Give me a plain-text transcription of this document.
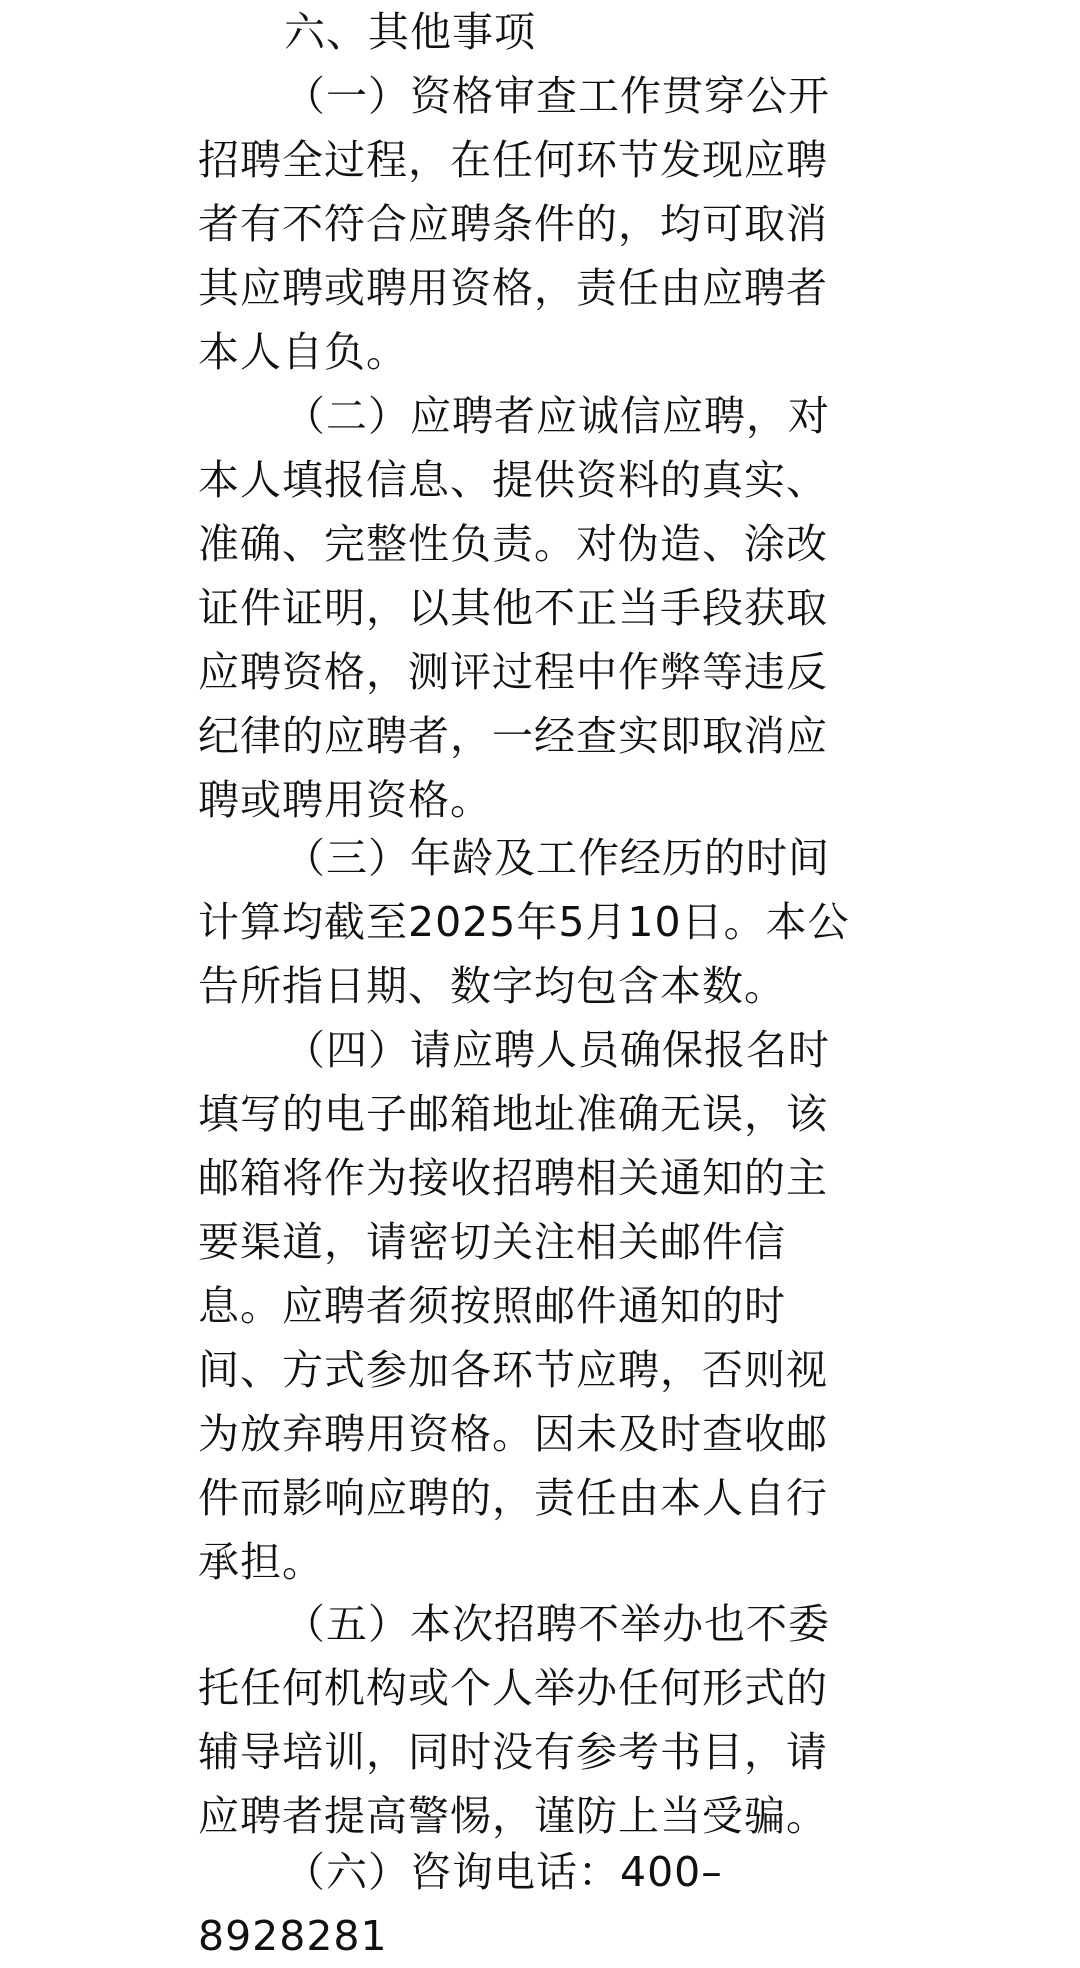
六、其他事项
（一）资格审查工作贯穿公开
招聘全过程，在任何环节发现应聘
者有不符合应聘条件的，均可取消
其应聘或聘用资格，责任由应聘者
本人自负。
（二）应聘者应诚信应聘，对
本人填报信息、提供资料的真实、
准确、完整性负责。对伪造、涂改
证件证明，以其他不正当手段获取
应聘资格，测评过程中作弊等违反
纪律的应聘者，一经查实即取消应
聘或聘用资格。
（三）年龄及工作经历的时间
计算均截至2025年5月10日。本公
告所指日期、数字均包含本数。
（四）请应聘人员确保报名时
填写的电子邮箱地址准确无误，该
邮箱将作为接收招聘相关通知的主
要渠道，请密切关注相关邮件信
息。应聘者须按照邮件通知的时
间、方式参加各环节应聘，否则视
为放弃聘用资格。因未及时查收邮
件而影响应聘的，责任由本人自行
承担。
（五）本次招聘不举办也不委
托任何机构或个人举办任何形式的
辅导培训，同时没有参考书目，请
应聘者提高警惕，谨防上当受骗。
（六）咨询电话：400–
8928281
